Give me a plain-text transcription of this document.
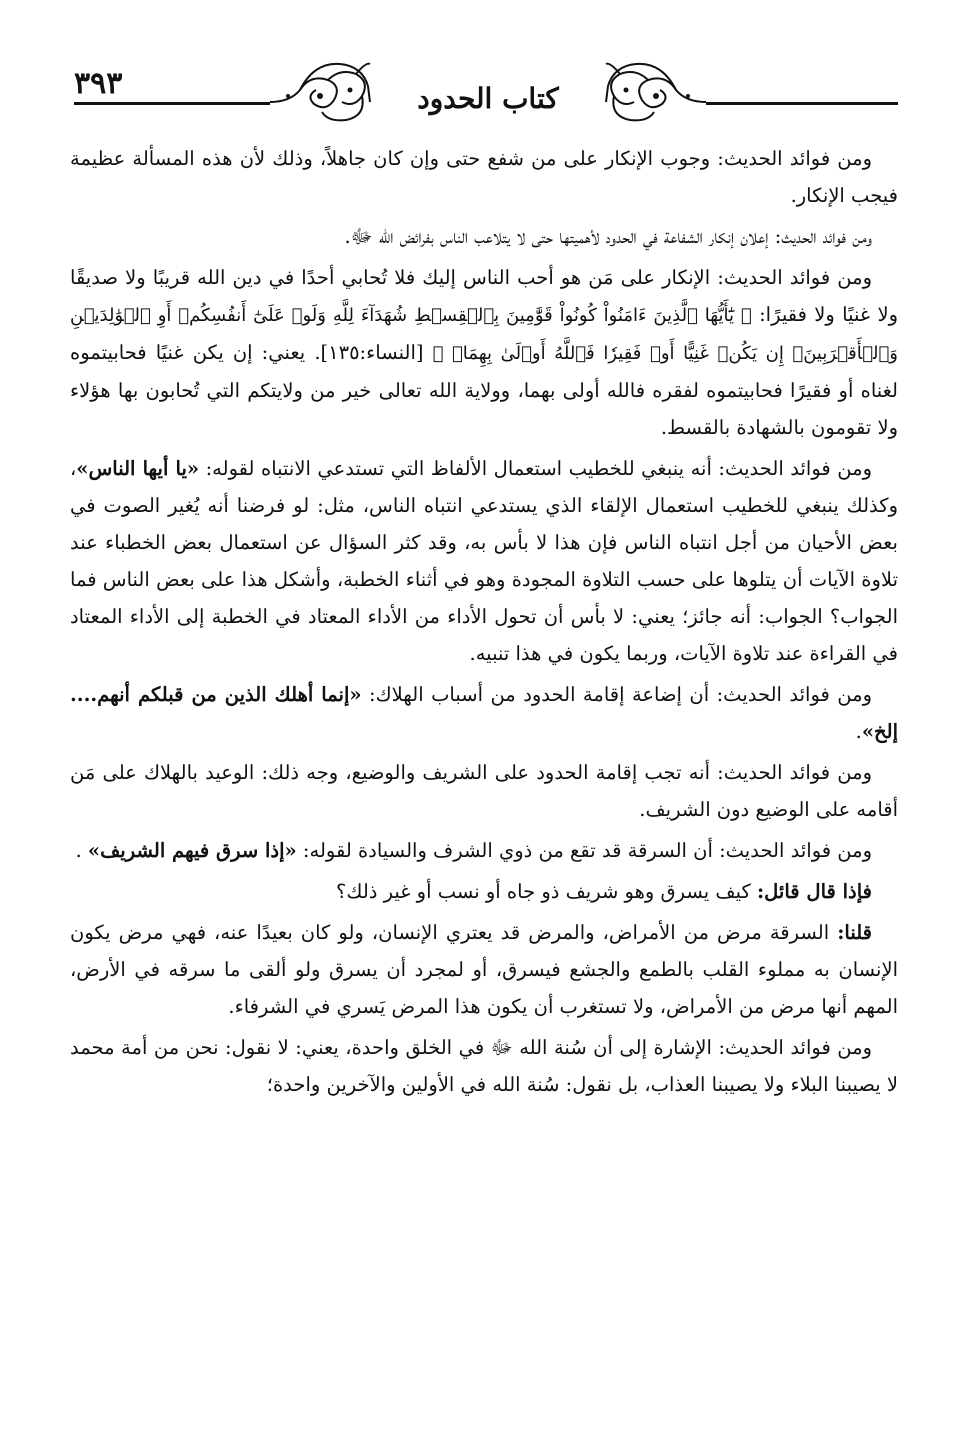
٣٩٣	كتاب الحدود

ومن فوائد الحديث: وجوب الإنكار على من شفع حتى وإن كان جاهلاً، وذلك لأن هذه المسألة عظيمة فيجب الإنكار.

ومن فوائد الحديث: إعلان إنكار الشفاعة في الحدود لأهميتها حتى لا يتلاعب الناس بفرائض الله ﷻ.

ومن فوائد الحديث: الإنكار على مَن هو أحب الناس إليك فلا تُحابي أحدًا في دين الله قريبًا ولا صديقًا ولا غنيًا ولا فقيرًا: ﴿ يَٰٓأَيُّهَا ٱلَّذِينَ ءَامَنُواْ كُونُواْ قَوَّٰمِينَ بِٱلۡقِسۡطِ شُهَدَآءَ لِلَّهِ وَلَوۡ عَلَىٰٓ أَنفُسِكُمۡ أَوِ ٱلۡوَٰلِدَيۡنِ وَٱلۡأَقۡرَبِينَۚ إِن يَكُنۡ غَنِيًّا أَوۡ فَقِيرٗا فَٱللَّهُ أَوۡلَىٰ بِهِمَاۖ ﴾ [النساء:١٣٥]. يعني: إن يكن غنيًا فحابيتموه لغناه أو فقيرًا فحابيتموه لفقره فالله أولى بهما، وولاية الله تعالى خير من ولايتكم التي تُحابون بها هؤلاء ولا تقومون بالشهادة بالقسط.

ومن فوائد الحديث: أنه ينبغي للخطيب استعمال الألفاظ التي تستدعي الانتباه لقوله: «يا أيها الناس»، وكذلك ينبغي للخطيب استعمال الإلقاء الذي يستدعي انتباه الناس، مثل: لو فرضنا أنه يُغير الصوت في بعض الأحيان من أجل انتباه الناس فإن هذا لا بأس به، وقد كثر السؤال عن استعمال بعض الخطباء عند تلاوة الآيات أن يتلوها على حسب التلاوة المجودة وهو في أثناء الخطبة، وأشكل هذا على بعض الناس فما الجواب؟ الجواب: أنه جائز؛ يعني: لا بأس أن تحول الأداء من الأداء المعتاد في الخطبة إلى الأداء المعتاد في القراءة عند تلاوة الآيات، وربما يكون في هذا تنبيه.

ومن فوائد الحديث: أن إضاعة إقامة الحدود من أسباب الهلاك: «إنما أهلك الذين من قبلكم أنهم.... إلخ».

ومن فوائد الحديث: أنه تجب إقامة الحدود على الشريف والوضيع، وجه ذلك: الوعيد بالهلاك على مَن أقامه على الوضيع دون الشريف.

ومن فوائد الحديث: أن السرقة قد تقع من ذوي الشرف والسيادة لقوله: «إذا سرق فيهم الشريف» .

فإذا قال قائل: كيف يسرق وهو شريف ذو جاه أو نسب أو غير ذلك؟

قلنا: السرقة مرض من الأمراض، والمرض قد يعتري الإنسان، ولو كان بعيدًا عنه، فهي مرض يكون الإنسان به مملوء القلب بالطمع والجشع فيسرق، أو لمجرد أن يسرق ولو ألقى ما سرقه في الأرض، المهم أنها مرض من الأمراض، ولا تستغرب أن يكون هذا المرض يَسري في الشرفاء.

ومن فوائد الحديث: الإشارة إلى أن سُنة الله ﷻ في الخلق واحدة، يعني: لا نقول: نحن من أمة محمد لا يصيبنا البلاء ولا يصيبنا العذاب، بل نقول: سُنة الله في الأولين والآخرين واحدة؛
